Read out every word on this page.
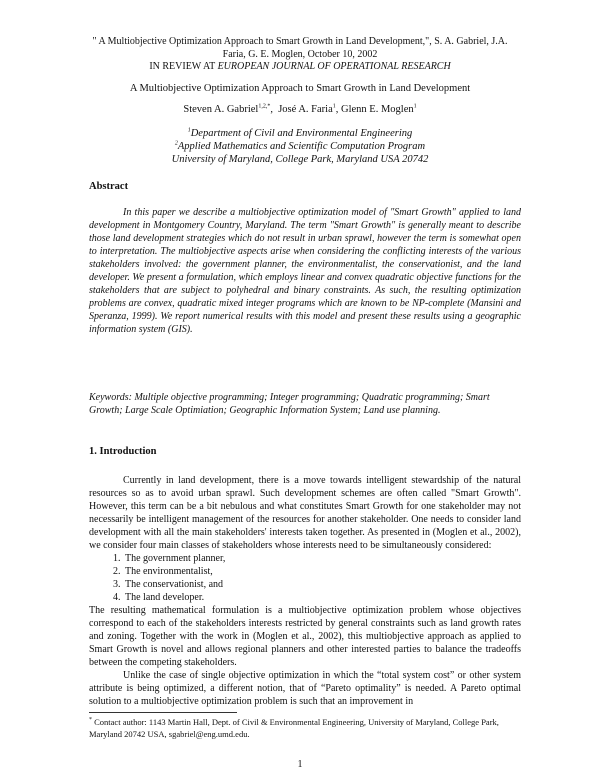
" A Multiobjective Optimization Approach to Smart Growth in Land Development,", S. A. Gabriel, J.A.
Faria, G. E. Moglen, October 10, 2002
IN REVIEW AT EUROPEAN JOURNAL OF OPERATIONAL RESEARCH
A Multiobjective Optimization Approach to Smart Growth in Land Development
Steven A. Gabriel$^{1,2,*}$,  José A. Faria$^1$, Glenn E. Moglen$^1$
$^1$Department of Civil and Environmental Engineering
$^2$Applied Mathematics and Scientific Computation Program
University of Maryland, College Park, Maryland USA 20742
Abstract

In this paper we describe a multiobjective optimization model of "Smart Growth" applied to land development in Montgomery Country, Maryland. The term "Smart Growth" is generally meant to describe those land development strategies which do not result in urban sprawl, however the term is somewhat open to interpretation. The multiobjective aspects arise when considering the conflicting interests of the various stakeholders involved: the government planner, the environmentalist, the conservationist, and the land developer. We present a formulation, which employs linear and convex quadratic objective functions for the stakeholders that are subject to polyhedral and binary constraints. As such, the resulting optimization problems are convex, quadratic mixed integer programs which are known to be NP-complete (Mansini and Speranza, 1999). We report numerical results with this model and present these results using a geographic information system (GIS).

Keywords: Multiple objective programming; Integer programming; Quadratic programming; Smart Growth; Large Scale Optimiation; Geographic Information System; Land use planning.
1. Introduction

Currently in land development, there is a move towards intelligent stewardship of the natural resources so as to avoid urban sprawl. Such development schemes are often called "Smart Growth". However, this term can be a bit nebulous and what constitutes Smart Growth for one stakeholder may not necessarily be intelligent management of the resources for another stakeholder. One needs to consider land development with all the main stakeholders' interests taken together. As presented in (Moglen et al., 2002), we consider four main classes of stakeholders whose interests need to be simultaneously considered:

1. The government planner,
2. The environmentalist,
3. The conservationist, and
4. The land developer.

The resulting mathematical formulation is a multiobjective optimization problem whose objectives correspond to each of the stakeholders interests restricted by general constraints such as land growth rates and zoning. Together with the work in (Moglen et al., 2002), this multiobjective approach as applied to Smart Growth is novel and allows regional planners and other interested parties to balance the tradeoffs between the competing stakeholders.

Unlike the case of single objective optimization in which the “total system cost” or other system attribute is being optimized, a different notion, that of “Pareto optimality” is needed. A Pareto optimal solution to a multiobjective optimization problem is such that an improvement in

* Contact author: 1143 Martin Hall, Dept. of Civil & Environmental Engineering, University of Maryland, College Park, Maryland 20742 USA, sgabriel@eng.umd.edu.
1
